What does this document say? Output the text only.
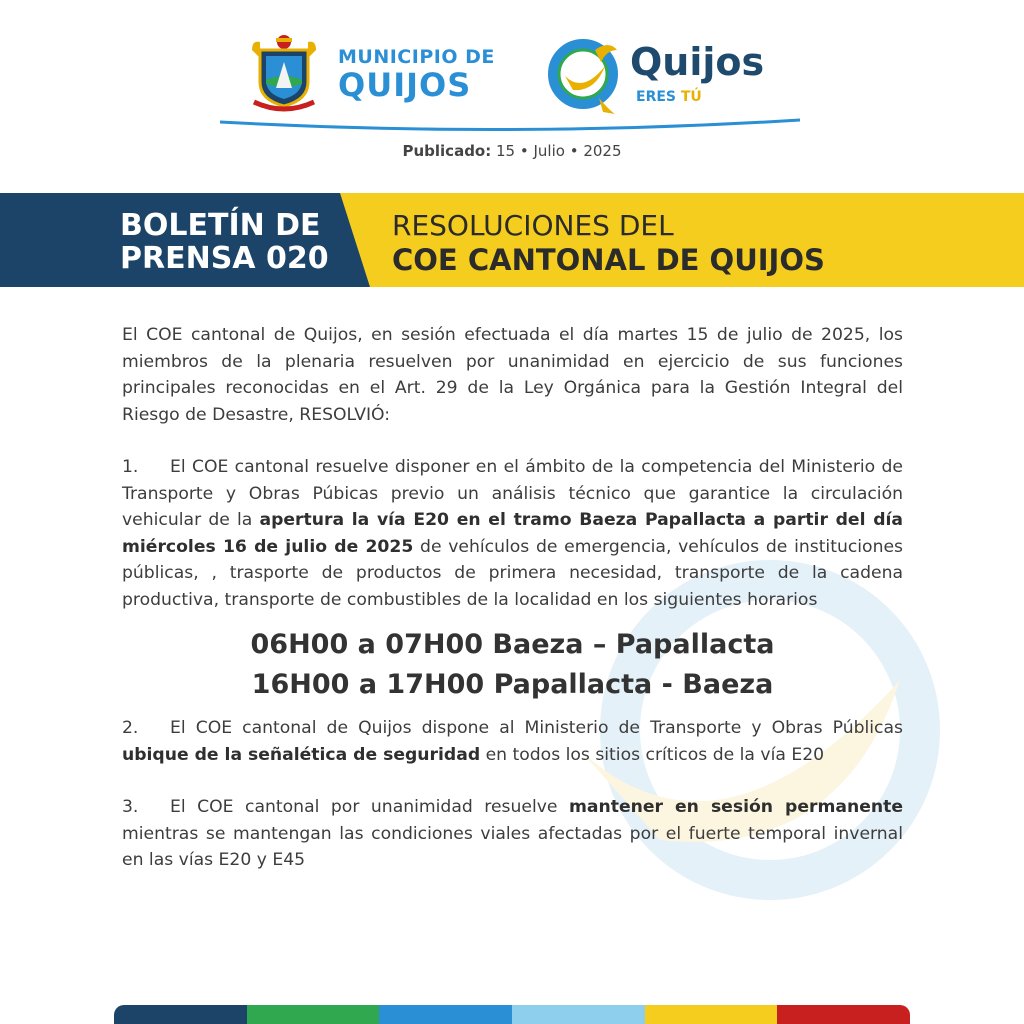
MUNICIPIO DE
QUIJOS
Quijos
ERES TÚ
Publicado: 15 • Julio • 2025
BOLETÍN DE
PRENSA 020
RESOLUCIONES DEL
COE CANTONAL DE QUIJOS

El COE cantonal de Quijos, en sesión efectuada el día martes 15 de julio de 2025, los miembros de la plenaria resuelven por unanimidad en ejercicio de sus funciones principales reconocidas en el Art. 29 de la Ley Orgánica para la Gestión Integral del Riesgo de Desastre, RESOLVIÓ:

1. El COE cantonal resuelve disponer en el ámbito de la competencia del Ministerio de Transporte y Obras Púbicas previo un análisis técnico que garantice la circulación vehicular de la apertura la vía E20 en el tramo Baeza Papallacta a partir del día miércoles 16 de julio de 2025 de vehículos de emergencia, vehículos de instituciones públicas, , trasporte de productos de primera necesidad, transporte de la cadena productiva, transporte de combustibles de la localidad en los siguientes horarios

06H00 a 07H00 Baeza – Papallacta
16H00 a 17H00 Papallacta - Baeza

2. El COE cantonal de Quijos dispone al Ministerio de Transporte y Obras Públicas ubique de la señalética de seguridad en todos los sitios críticos de la vía E20

3. El COE cantonal por unanimidad resuelve mantener en sesión permanente mientras se mantengan las condiciones viales afectadas por el fuerte temporal invernal en las vías E20 y E45
